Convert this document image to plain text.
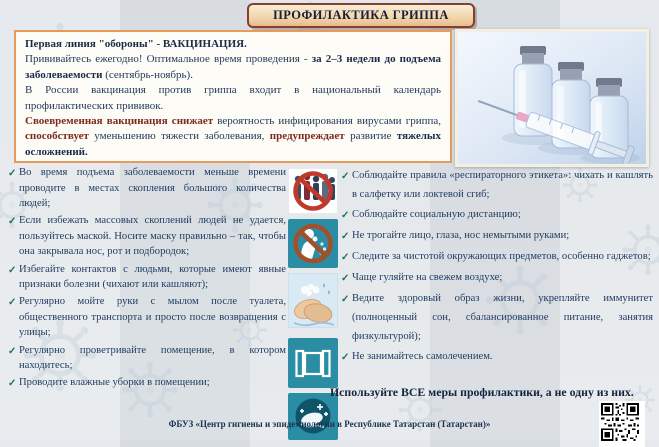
ПРОФИЛАКТИКА ГРИППА

Первая линия "обороны" - ВАКЦИНАЦИЯ.

Прививайтесь ежегодно! Оптимальное время проведения - за 2–3 недели до подъема заболеваемости (сентябрь-ноябрь).

В России вакцинация против гриппа входит в национальный календарь профилактических прививок.

Своевременная вакцинация снижает вероятность инфицирования вирусами гриппа, способствует уменьшению тяжести заболевания, предупреждает развитие тяжелых осложнений.

✓ Во время подъема заболеваемости меньше времени проводите в местах скопления большого количества людей;
✓ Если избежать массовых скоплений людей не удается, пользуйтесь маской. Носите маску правильно – так, чтобы она закрывала нос, рот и подбородок;
✓ Избегайте контактов с людьми, которые имеют явные признаки болезни (чихают или кашляют);
✓ Регулярно мойте руки с мылом после туалета, общественного транспорта и просто после возвращения с улицы;
✓ Регулярно проветривайте помещение, в котором находитесь;
✓ Проводите влажные уборки в помещении;
✓ Соблюдайте правила «респираторного этикета»: чихать и кашлять в салфетку или локтевой сгиб;
✓ Соблюдайте социальную дистанцию;
✓ Не трогайте лицо, глаза, нос немытыми руками;
✓ Следите за чистотой окружающих предметов, особенно гаджетов;
✓ Чаще гуляйте на свежем воздухе;
✓ Ведите здоровый образ жизни, укрепляйте иммунитет (полноценный сон, сбалансированное питание, занятия физкультурой);
✓ Не занимайтесь самолечением.
Используйте ВСЕ меры профилактики, а не одну из них.
ФБУЗ «Центр гигиены и эпидемиологии в Республике Татарстан (Татарстан)»
